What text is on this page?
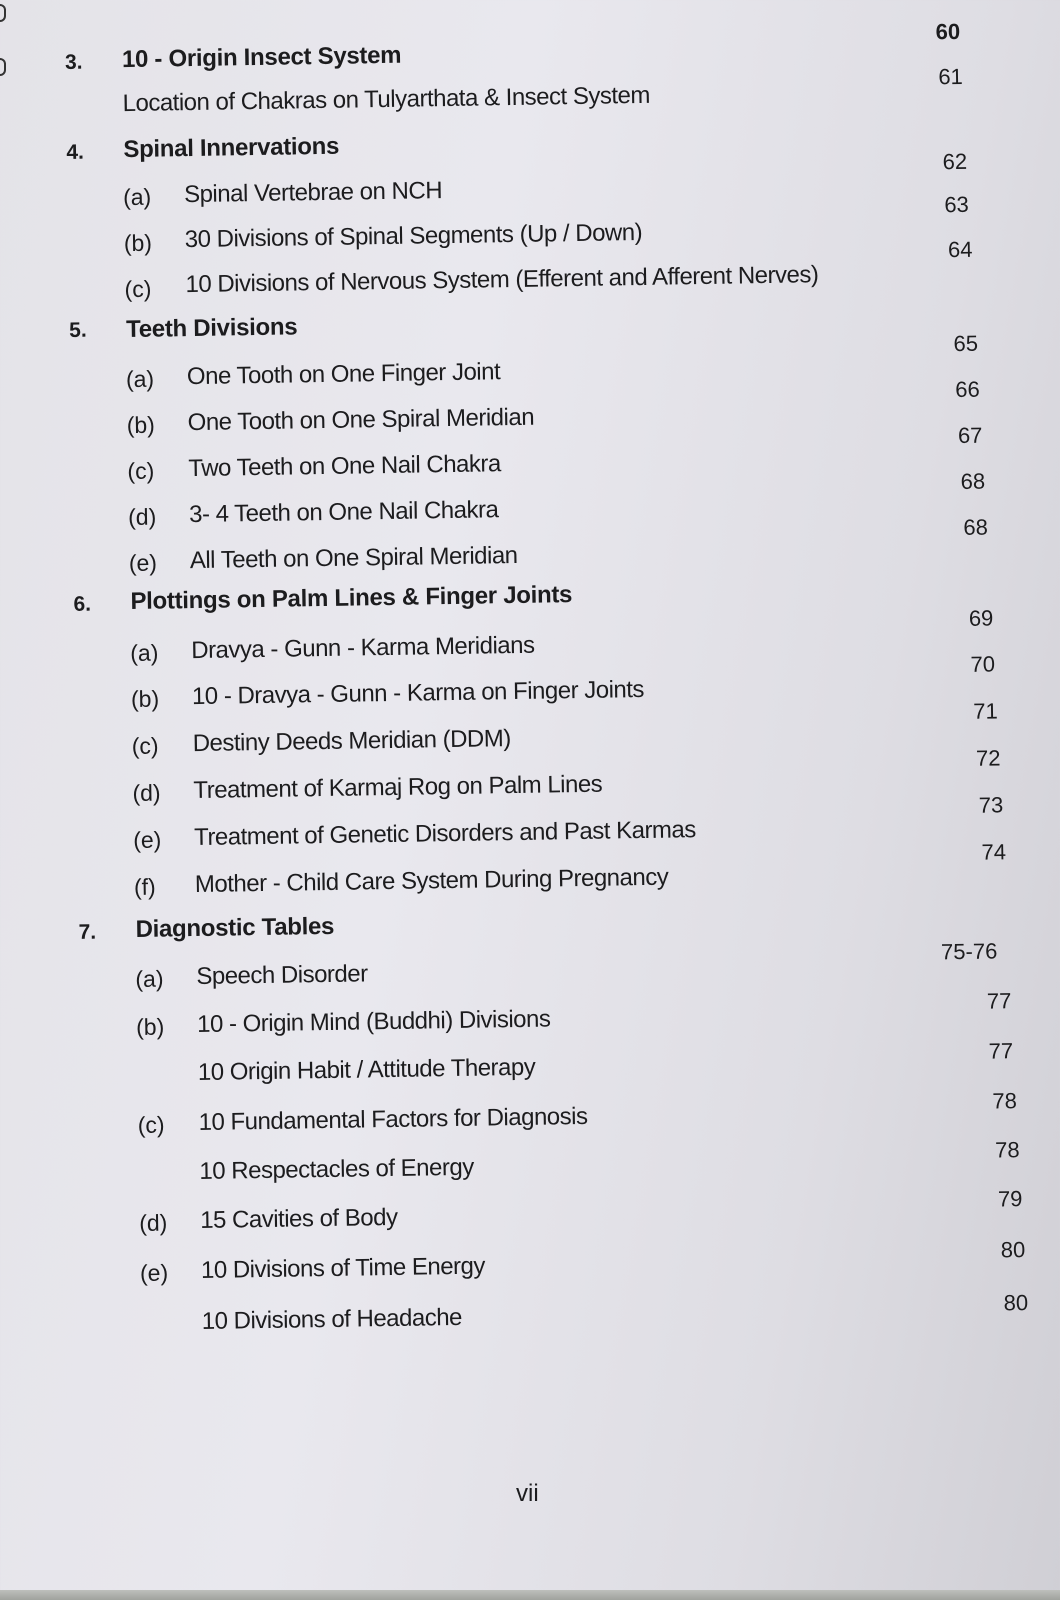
3. 10 - Origin Insect System
60
Location of Chakras on Tulyarthata & Insect System
61
4. Spinal Innervations
(a) Spinal Vertebrae on NCH
62
(b) 30 Divisions of Spinal Segments (Up / Down)
63
(c) 10 Divisions of Nervous System (Efferent and Afferent Nerves)
64
5. Teeth Divisions
(a) One Tooth on One Finger Joint
65
(b) One Tooth on One Spiral Meridian
66
(c) Two Teeth on One Nail Chakra
67
(d) 3- 4 Teeth on One Nail Chakra
68
(e) All Teeth on One Spiral Meridian
68
6. Plottings on Palm Lines & Finger Joints
(a) Dravya - Gunn - Karma Meridians
69
(b) 10 - Dravya - Gunn - Karma on Finger Joints
70
(c) Destiny Deeds Meridian (DDM)
71
(d) Treatment of Karmaj Rog on Palm Lines
72
(e) Treatment of Genetic Disorders and Past Karmas
73
(f) Mother - Child Care System During Pregnancy
74
7. Diagnostic Tables
(a) Speech Disorder
75-76
(b) 10 - Origin Mind (Buddhi) Divisions
77
10 Origin Habit / Attitude Therapy
77
(c) 10 Fundamental Factors for Diagnosis
78
10 Respectacles of Energy
78
(d) 15 Cavities of Body
79
(e) 10 Divisions of Time Energy
80
10 Divisions of Headache
80
vii
